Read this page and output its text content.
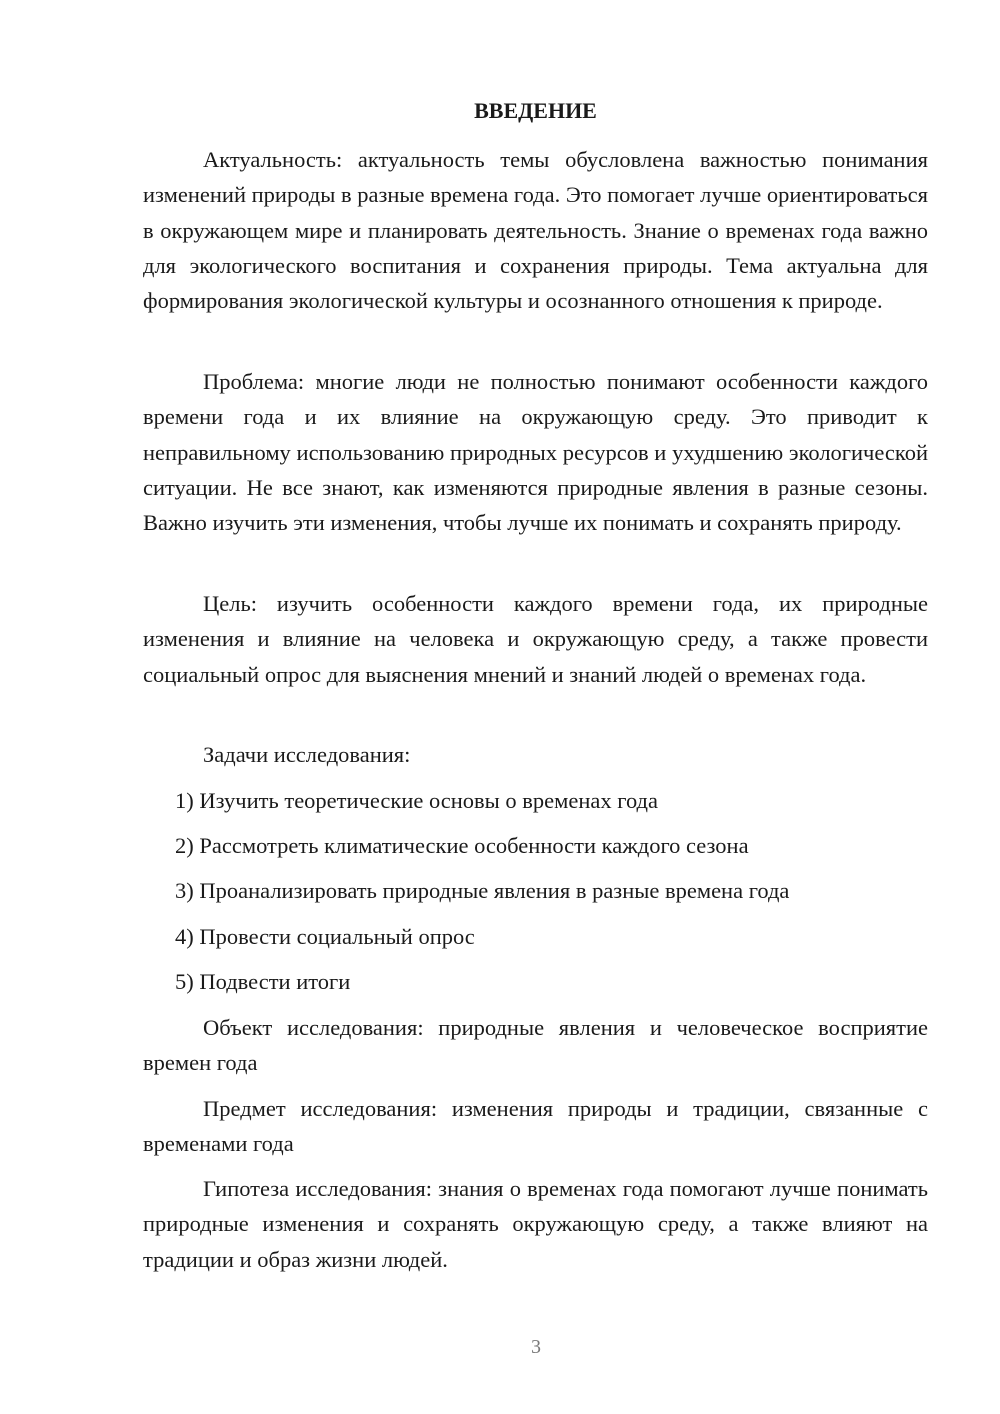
ВВЕДЕНИЕ

Актуальность: актуальность темы обусловлена важностью понимания изменений природы в разные времена года. Это помогает лучше ориентироваться в окружающем мире и планировать деятельность. Знание о временах года важно для экологического воспитания и сохранения природы. Тема актуальна для формирования экологической культуры и осознанного отношения к природе.

Проблема: многие люди не полностью понимают особенности каждого времени года и их влияние на окружающую среду. Это приводит к неправильному использованию природных ресурсов и ухудшению экологической ситуации. Не все знают, как изменяются природные явления в разные сезоны. Важно изучить эти изменения, чтобы лучше их понимать и сохранять природу.

Цель: изучить особенности каждого времени года, их природные изменения и влияние на человека и окружающую среду, а также провести социальный опрос для выяснения мнений и знаний людей о временах года.

Задачи исследования:
1) Изучить теоретические основы о временах года
2) Рассмотреть климатические особенности каждого сезона
3) Проанализировать природные явления в разные времена года
4) Провести социальный опрос
5) Подвести итоги

Объект исследования: природные явления и человеческое восприятие времен года

Предмет исследования: изменения природы и традиции, связанные с временами года

Гипотеза исследования: знания о временах года помогают лучше понимать природные изменения и сохранять окружающую среду, а также влияют на традиции и образ жизни людей.

3
